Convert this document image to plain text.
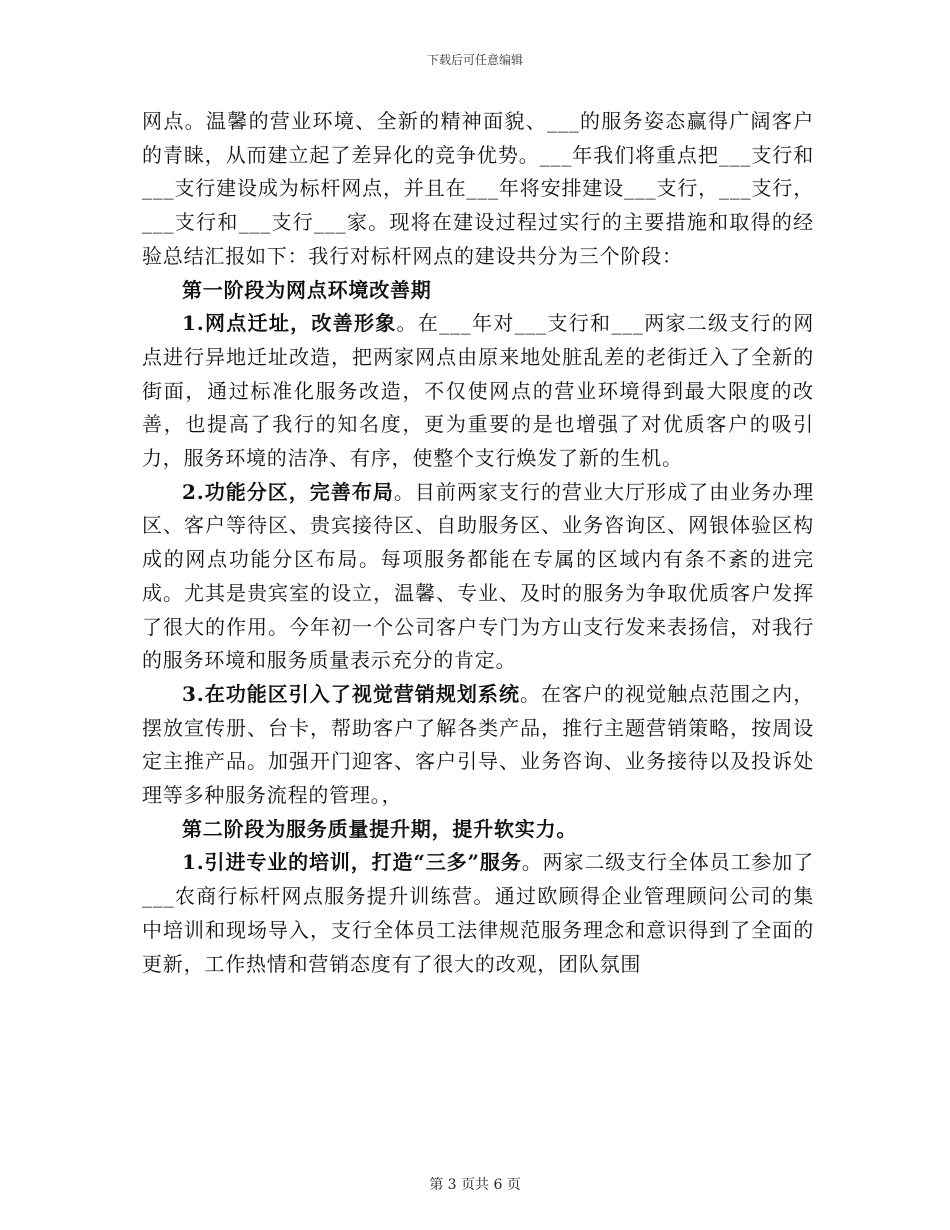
下载后可任意编辑

网点。温馨的营业环境、全新的精神面貌、___的服务姿态赢得广阔客户的青睐，从而建立起了差异化的竞争优势。___年我们将重点把___支行和___支行建设成为标杆网点，并且在___年将安排建设___支行，___支行，___支行和___支行___家。现将在建设过程过实行的主要措施和取得的经验总结汇报如下：我行对标杆网点的建设共分为三个阶段：

第一阶段为网点环境改善期

1.网点迁址，改善形象。在___年对___支行和___两家二级支行的网点进行异地迁址改造，把两家网点由原来地处脏乱差的老街迁入了全新的街面，通过标准化服务改造，不仅使网点的营业环境得到最大限度的改善，也提高了我行的知名度，更为重要的是也增强了对优质客户的吸引力，服务环境的洁净、有序，使整个支行焕发了新的生机。

2.功能分区，完善布局。目前两家支行的营业大厅形成了由业务办理区、客户等待区、贵宾接待区、自助服务区、业务咨询区、网银体验区构成的网点功能分区布局。每项服务都能在专属的区域内有条不紊的进完成。尤其是贵宾室的设立，温馨、专业、及时的服务为争取优质客户发挥了很大的作用。今年初一个公司客户专门为方山支行发来表扬信，对我行的服务环境和服务质量表示充分的肯定。

3.在功能区引入了视觉营销规划系统。在客户的视觉触点范围之内，摆放宣传册、台卡，帮助客户了解各类产品，推行主题营销策略，按周设定主推产品。加强开门迎客、客户引导、业务咨询、业务接待以及投诉处理等多种服务流程的管理。，

第二阶段为服务质量提升期，提升软实力。

1.引进专业的培训，打造“三多”服务。两家二级支行全体员工参加了___农商行标杆网点服务提升训练营。通过欧顾得企业管理顾问公司的集中培训和现场导入，支行全体员工法律规范服务理念和意识得到了全面的更新，工作热情和营销态度有了很大的改观，团队氛围

第 3 页共 6 页
